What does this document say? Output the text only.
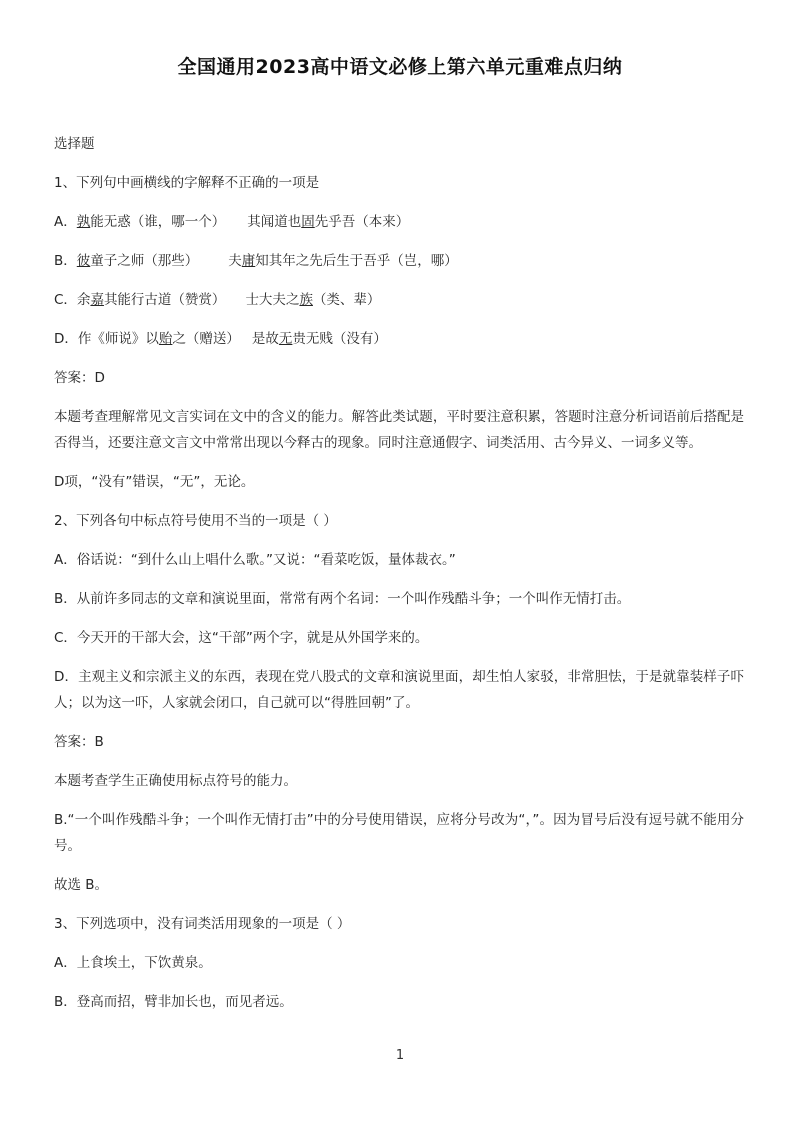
全国通用2023高中语文必修上第六单元重难点归纳
选择题
1、下列句中画横线的字解释不正确的一项是
A．孰能无惑（谁，哪一个） 其闻道也固先乎吾（本来）
B．彼童子之师（那些） 夫庸知其年之先后生于吾乎（岂，哪）
C．余嘉其能行古道（赞赏） 士大夫之族（类、辈）
D．作《师说》以贻之（赠送） 是故无贵无贱（没有）
答案：D
本题考查理解常见文言实词在文中的含义的能力。解答此类试题，平时要注意积累，答题时注意分析词语前后搭配是否得当，还要注意文言文中常常出现以今释古的现象。同时注意通假字、词类活用、古今异义、一词多义等。
D项，“没有”错误，“无”，无论。
2、下列各句中标点符号使用不当的一项是（ ）
A．俗话说：“到什么山上唱什么歌。”又说：“看菜吃饭，量体裁衣。”
B．从前许多同志的文章和演说里面，常常有两个名词：一个叫作残酷斗争；一个叫作无情打击。
C．今天开的干部大会，这“干部”两个字，就是从外国学来的。
D．主观主义和宗派主义的东西，表现在党八股式的文章和演说里面，却生怕人家驳，非常胆怯，于是就靠装样子吓人；以为这一吓，人家就会闭口，自己就可以“得胜回朝”了。
答案：B
本题考查学生正确使用标点符号的能力。
B.“一个叫作残酷斗争；一个叫作无情打击”中的分号使用错误，应将分号改为“，”。因为冒号后没有逗号就不能用分号。
故选 B。
3、下列选项中，没有词类活用现象的一项是（ ）
A．上食埃土，下饮黄泉。
B．登高而招，臂非加长也，而见者远。
1
